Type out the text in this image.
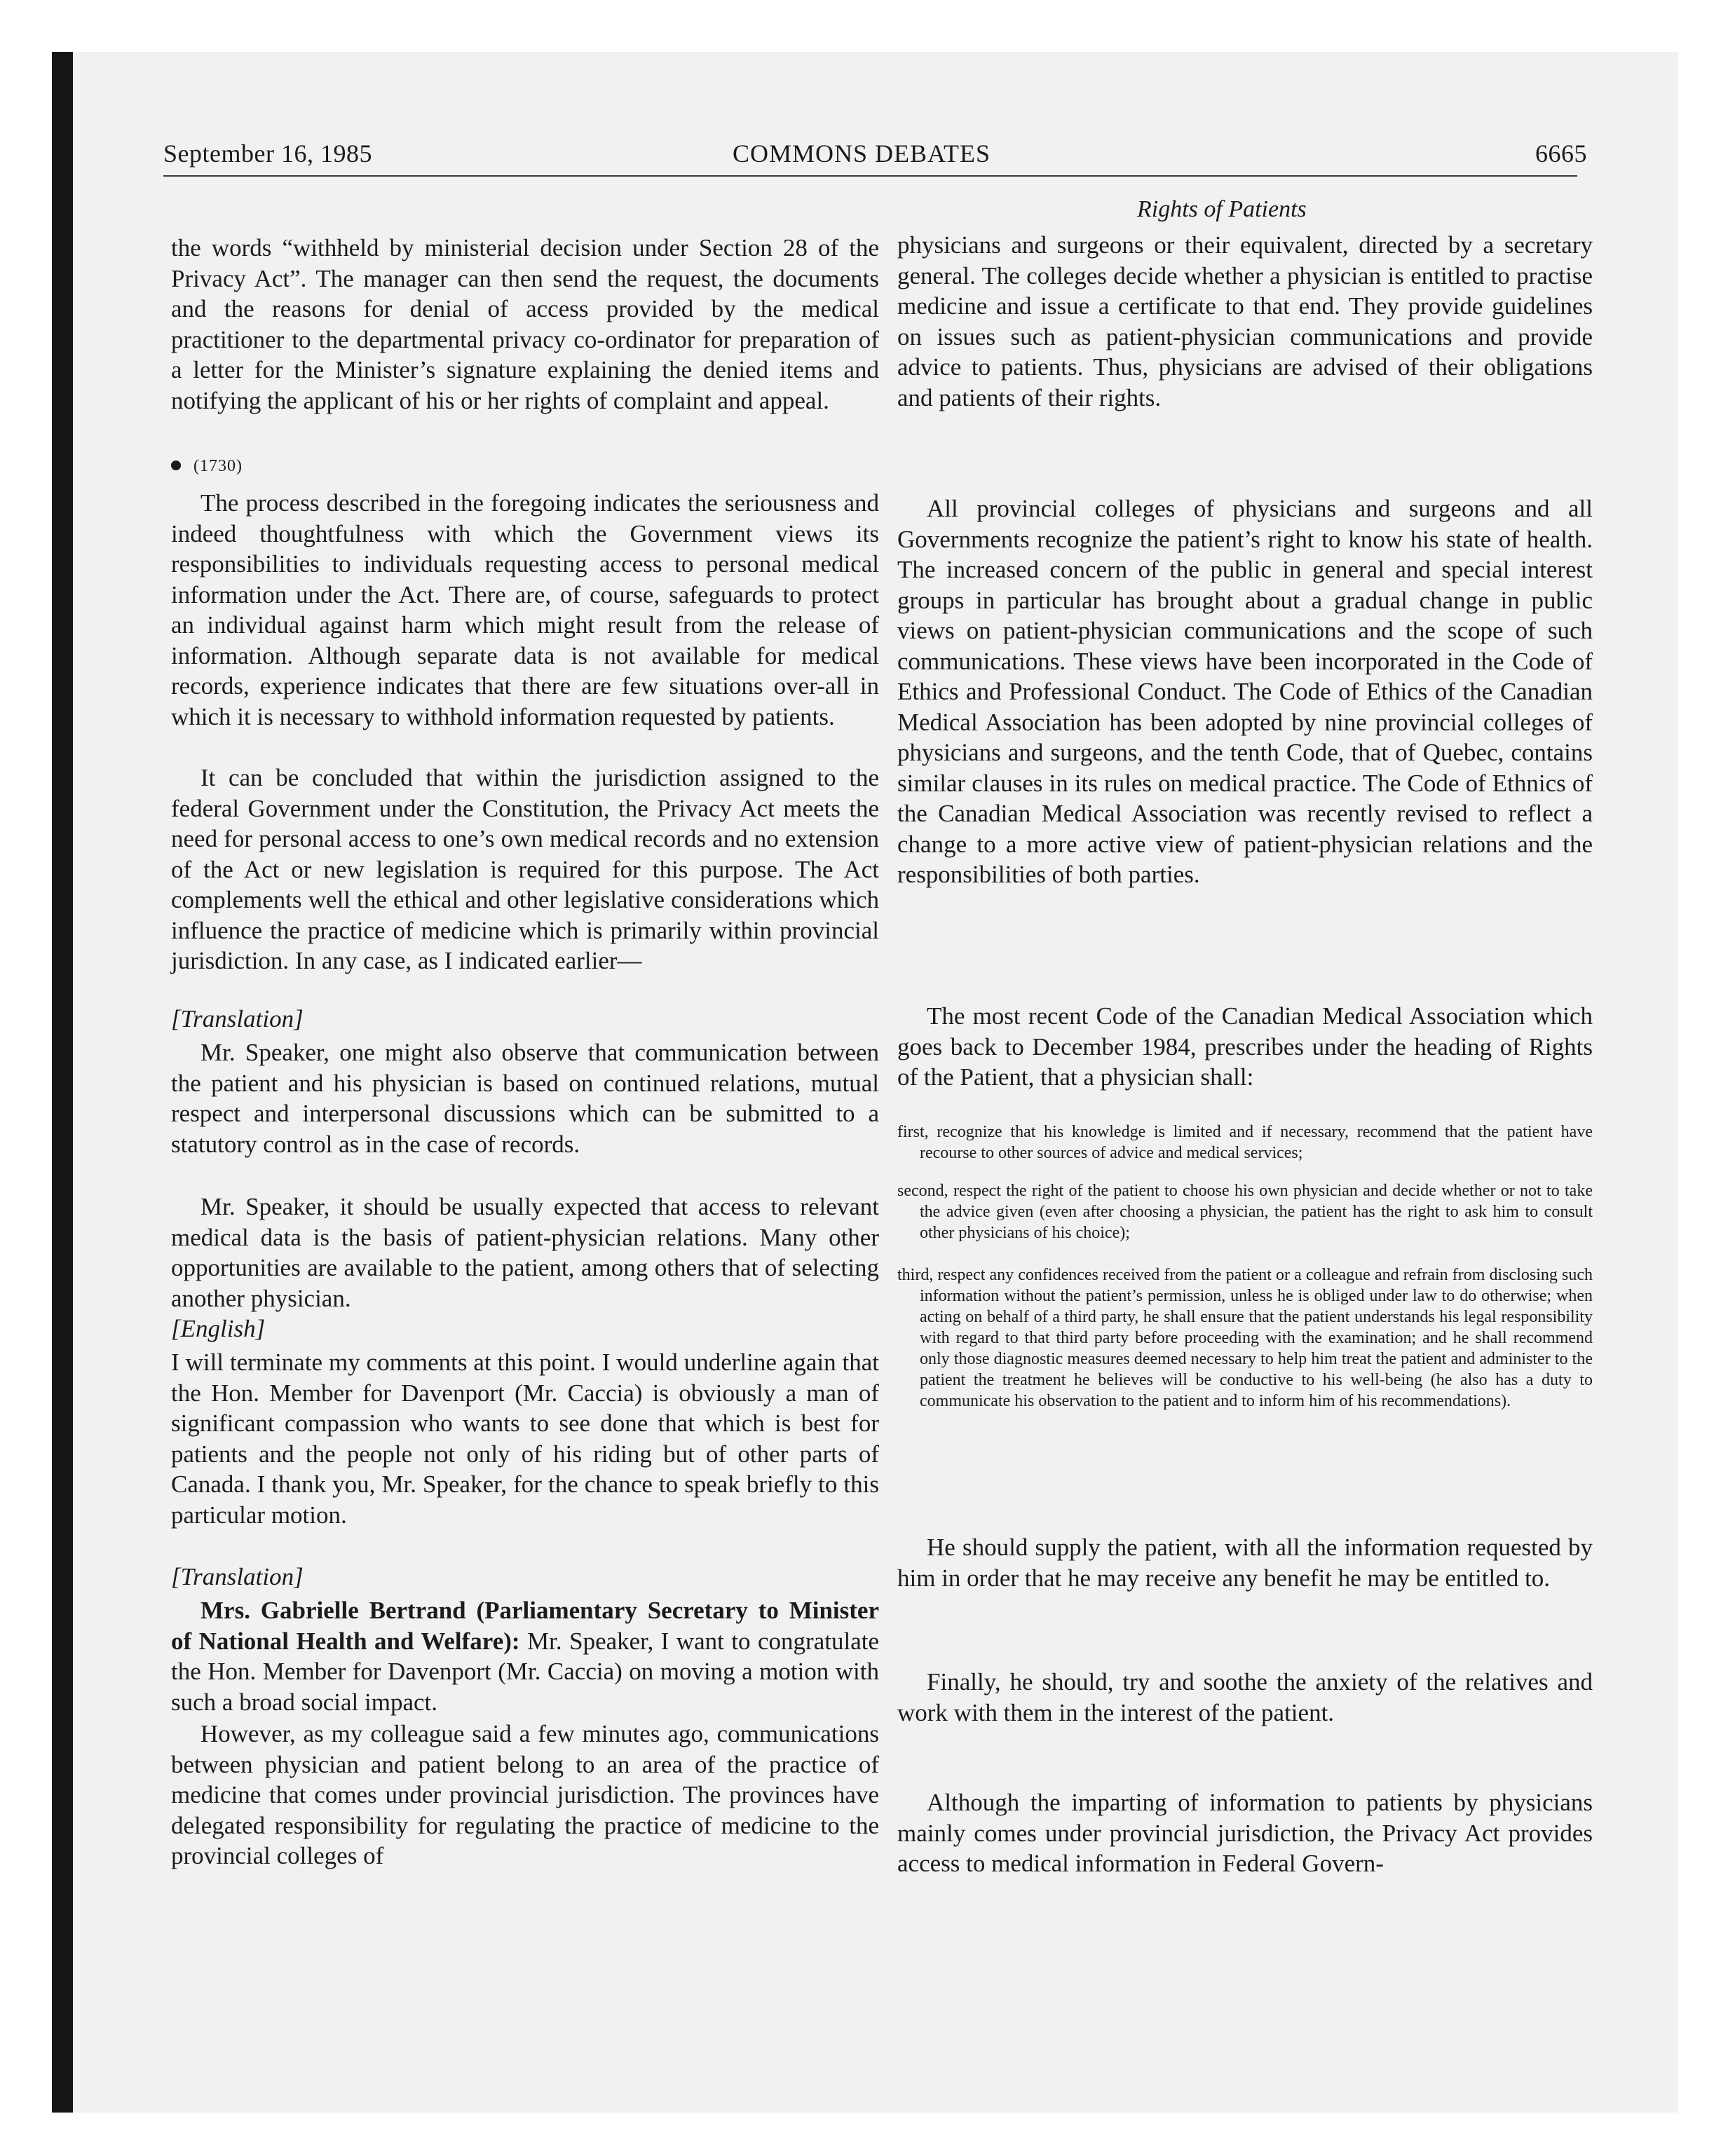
September 16, 1985	COMMONS DEBATES	6665
Rights of Patients

the words “withheld by ministerial decision under Section 28 of the Privacy Act”. The manager can then send the request, the documents and the reasons for denial of access provided by the medical practitioner to the departmental privacy co-ordinator for preparation of a letter for the Minister’s signature explaining the denied items and notifying the applicant of his or her rights of complaint and appeal.

(1730)

The process described in the foregoing indicates the seriousness and indeed thoughtfulness with which the Government views its responsibilities to individuals requesting access to personal medical information under the Act. There are, of course, safeguards to protect an individual against harm which might result from the release of information. Although separate data is not available for medical records, experience indicates that there are few situations over-all in which it is necessary to withhold information requested by patients.

It can be concluded that within the jurisdiction assigned to the federal Government under the Constitution, the Privacy Act meets the need for personal access to one’s own medical records and no extension of the Act or new legislation is required for this purpose. The Act complements well the ethical and other legislative considerations which influence the practice of medicine which is primarily within provincial jurisdiction. In any case, as I indicated earlier—

[Translation]

Mr. Speaker, one might also observe that communication between the patient and his physician is based on continued relations, mutual respect and interpersonal discussions which can be submitted to a statutory control as in the case of records.

Mr. Speaker, it should be usually expected that access to relevant medical data is the basis of patient-physician relations. Many other opportunities are available to the patient, among others that of selecting another physician.

[English]

I will terminate my comments at this point. I would underline again that the Hon. Member for Davenport (Mr. Caccia) is obviously a man of significant compassion who wants to see done that which is best for patients and the people not only of his riding but of other parts of Canada. I thank you, Mr. Speaker, for the chance to speak briefly to this particular motion.

[Translation]

Mrs. Gabrielle Bertrand (Parliamentary Secretary to Minister of National Health and Welfare): Mr. Speaker, I want to congratulate the Hon. Member for Davenport (Mr. Caccia) on moving a motion with such a broad social impact.

However, as my colleague said a few minutes ago, communications between physician and patient belong to an area of the practice of medicine that comes under provincial jurisdiction. The provinces have delegated responsibility for regulating the practice of medicine to the provincial colleges of

physicians and surgeons or their equivalent, directed by a secretary general. The colleges decide whether a physician is entitled to practise medicine and issue a certificate to that end. They provide guidelines on issues such as patient-physician communications and provide advice to patients. Thus, physicians are advised of their obligations and patients of their rights.

All provincial colleges of physicians and surgeons and all Governments recognize the patient’s right to know his state of health. The increased concern of the public in general and special interest groups in particular has brought about a gradual change in public views on patient-physician communications and the scope of such communications. These views have been incorporated in the Code of Ethics and Professional Conduct. The Code of Ethics of the Canadian Medical Association has been adopted by nine provincial colleges of physicians and surgeons, and the tenth Code, that of Quebec, contains similar clauses in its rules on medical practice. The Code of Ethnics of the Canadian Medical Association was recently revised to reflect a change to a more active view of patient-physician relations and the responsibilities of both parties.

The most recent Code of the Canadian Medical Association which goes back to December 1984, prescribes under the heading of Rights of the Patient, that a physician shall:

first, recognize that his knowledge is limited and if necessary, recommend that the patient have recourse to other sources of advice and medical services;

second, respect the right of the patient to choose his own physician and decide whether or not to take the advice given (even after choosing a physician, the patient has the right to ask him to consult other physicians of his choice);

third, respect any confidences received from the patient or a colleague and refrain from disclosing such information without the patient’s permission, unless he is obliged under law to do otherwise; when acting on behalf of a third party, he shall ensure that the patient understands his legal responsibility with regard to that third party before proceeding with the examination; and he shall recommend only those diagnostic measures deemed necessary to help him treat the patient and administer to the patient the treatment he believes will be conductive to his well-being (he also has a duty to communicate his observation to the patient and to inform him of his recommendations).

He should supply the patient, with all the information requested by him in order that he may receive any benefit he may be entitled to.

Finally, he should, try and soothe the anxiety of the relatives and work with them in the interest of the patient.

Although the imparting of information to patients by physicians mainly comes under provincial jurisdiction, the Privacy Act provides access to medical information in Federal Govern-
